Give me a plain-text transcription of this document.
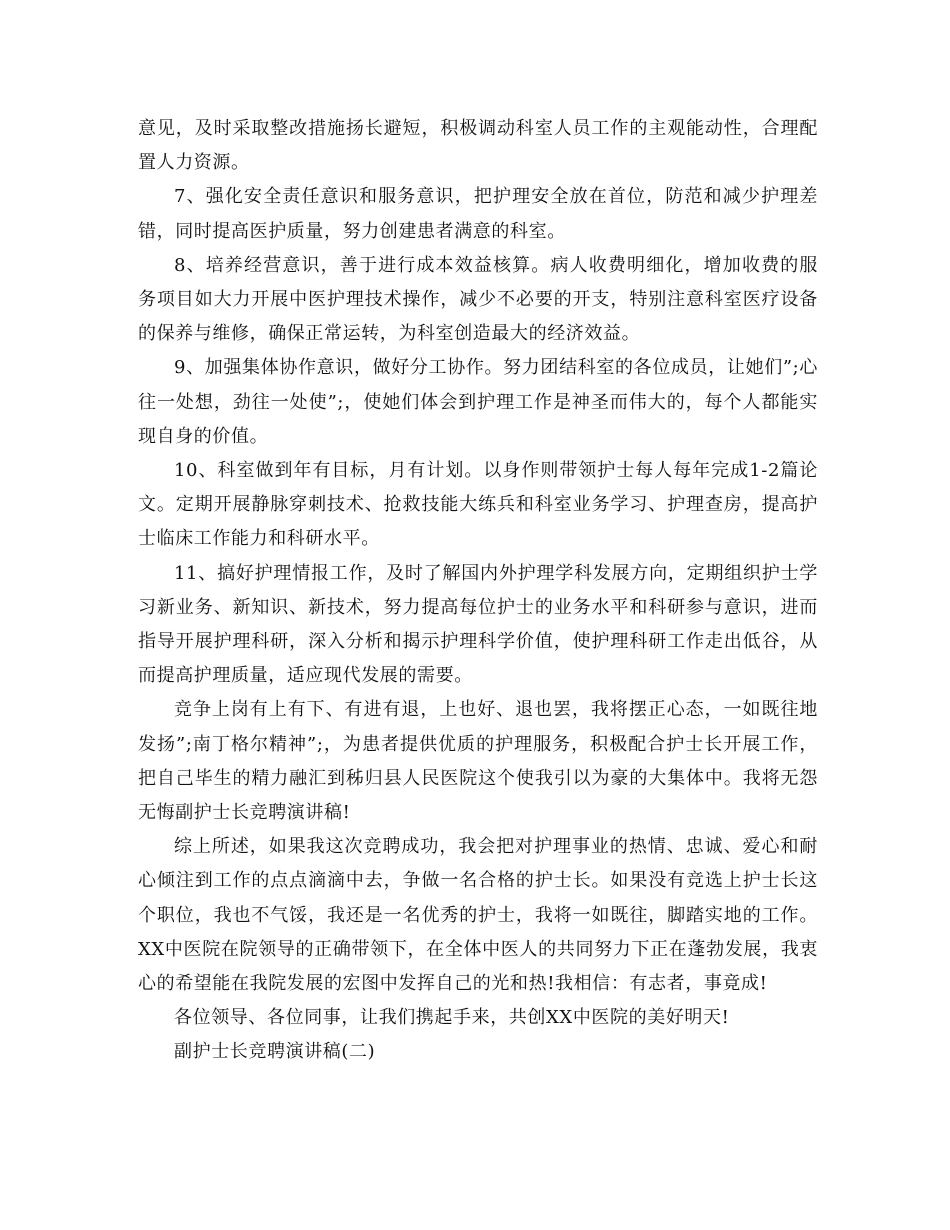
意见，及时采取整改措施扬长避短，积极调动科室人员工作的主观能动性，合理配置人力资源。

7、强化安全责任意识和服务意识，把护理安全放在首位，防范和减少护理差错，同时提高医护质量，努力创建患者满意的科室。

8、培养经营意识，善于进行成本效益核算。病人收费明细化，增加收费的服务项目如大力开展中医护理技术操作，减少不必要的开支，特别注意科室医疗设备的保养与维修，确保正常运转，为科室创造最大的经济效益。

9、加强集体协作意识，做好分工协作。努力团结科室的各位成员，让她们”;心往一处想，劲往一处使”;，使她们体会到护理工作是神圣而伟大的，每个人都能实现自身的价值。

10、科室做到年有目标，月有计划。以身作则带领护士每人每年完成1-2篇论文。定期开展静脉穿刺技术、抢救技能大练兵和科室业务学习、护理查房，提高护士临床工作能力和科研水平。

11、搞好护理情报工作，及时了解国内外护理学科发展方向，定期组织护士学习新业务、新知识、新技术，努力提高每位护士的业务水平和科研参与意识，进而指导开展护理科研，深入分析和揭示护理科学价值，使护理科研工作走出低谷，从而提高护理质量，适应现代发展的需要。

竞争上岗有上有下、有进有退，上也好、退也罢，我将摆正心态，一如既往地发扬”;南丁格尔精神”;，为患者提供优质的护理服务，积极配合护士长开展工作，把自己毕生的精力融汇到秭归县人民医院这个使我引以为豪的大集体中。我将无怨无悔副护士长竞聘演讲稿!

综上所述，如果我这次竞聘成功，我会把对护理事业的热情、忠诚、爱心和耐心倾注到工作的点点滴滴中去，争做一名合格的护士长。如果没有竞选上护士长这个职位，我也不气馁，我还是一名优秀的护士，我将一如既往，脚踏实地的工作。XX中医院在院领导的正确带领下，在全体中医人的共同努力下正在蓬勃发展，我衷心的希望能在我院发展的宏图中发挥自己的光和热!我相信：有志者，事竟成!

各位领导、各位同事，让我们携起手来，共创XX中医院的美好明天!

副护士长竞聘演讲稿(二)
